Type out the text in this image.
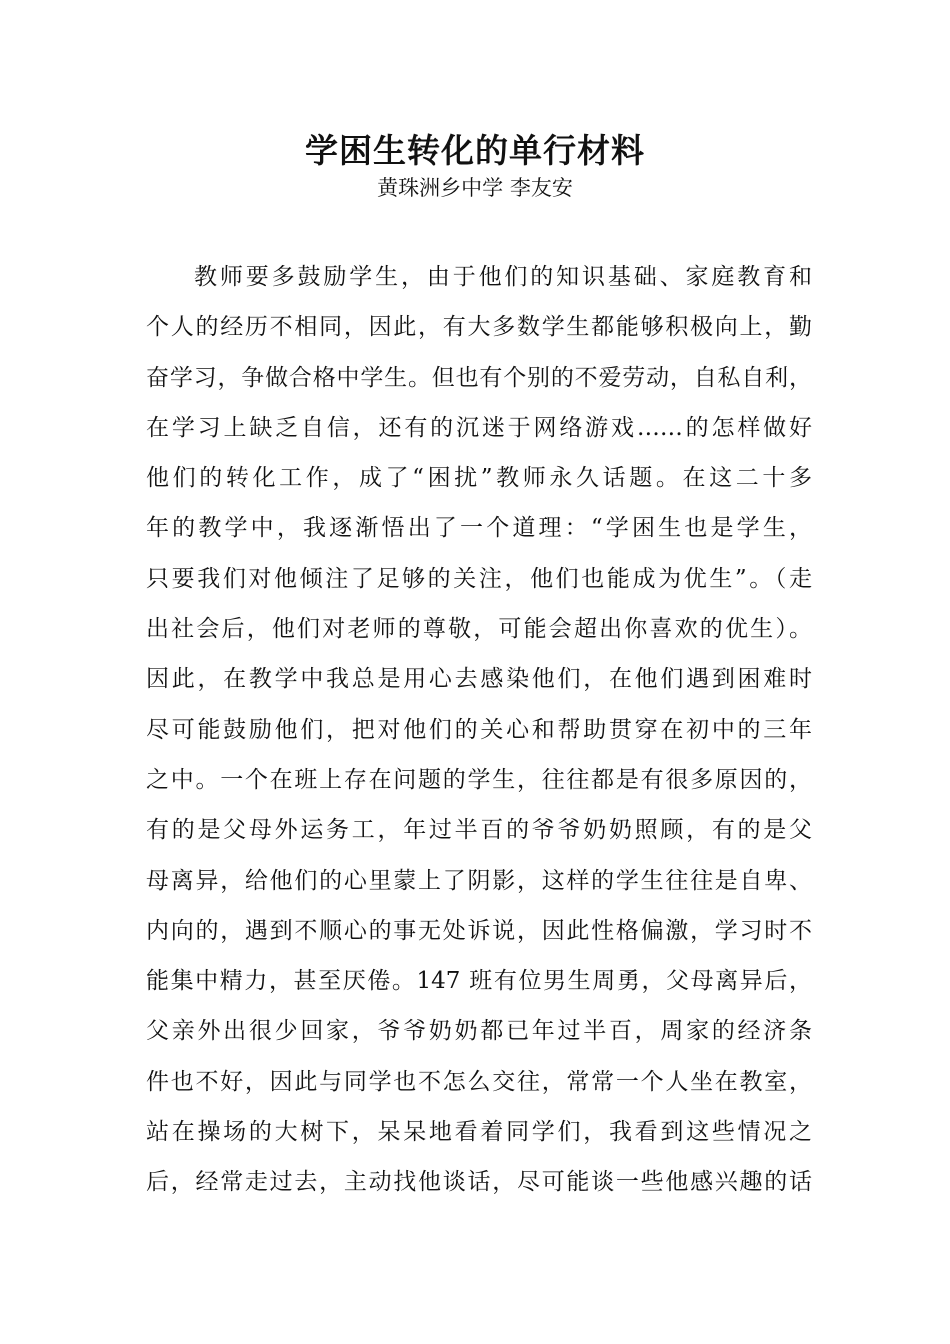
学困生转化的单行材料
黄珠洲乡中学 李友安
教师要多鼓励学生，由于他们的知识基础、家庭教育和
个人的经历不相同，因此，有大多数学生都能够积极向上，勤
奋学习，争做合格中学生。但也有个别的不爱劳动，自私自利，
在学习上缺乏自信，还有的沉迷于网络游戏……的怎样做好
他们的转化工作，成了“困扰”教师永久话题。在这二十多
年的教学中，我逐渐悟出了一个道理：“学困生也是学生，
只要我们对他倾注了足够的关注，他们也能成为优生”。（走
出社会后，他们对老师的尊敬，可能会超出你喜欢的优生）。
因此，在教学中我总是用心去感染他们，在他们遇到困难时
尽可能鼓励他们，把对他们的关心和帮助贯穿在初中的三年
之中。一个在班上存在问题的学生，往往都是有很多原因的，
有的是父母外运务工，年过半百的爷爷奶奶照顾，有的是父
母离异，给他们的心里蒙上了阴影，这样的学生往往是自卑、
内向的，遇到不顺心的事无处诉说，因此性格偏激，学习时不
能集中精力，甚至厌倦。147 班有位男生周勇，父母离异后，
父亲外出很少回家，爷爷奶奶都已年过半百，周家的经济条
件也不好，因此与同学也不怎么交往，常常一个人坐在教室，
站在操场的大树下，呆呆地看着同学们，我看到这些情况之
后，经常走过去，主动找他谈话，尽可能谈一些他感兴趣的话
